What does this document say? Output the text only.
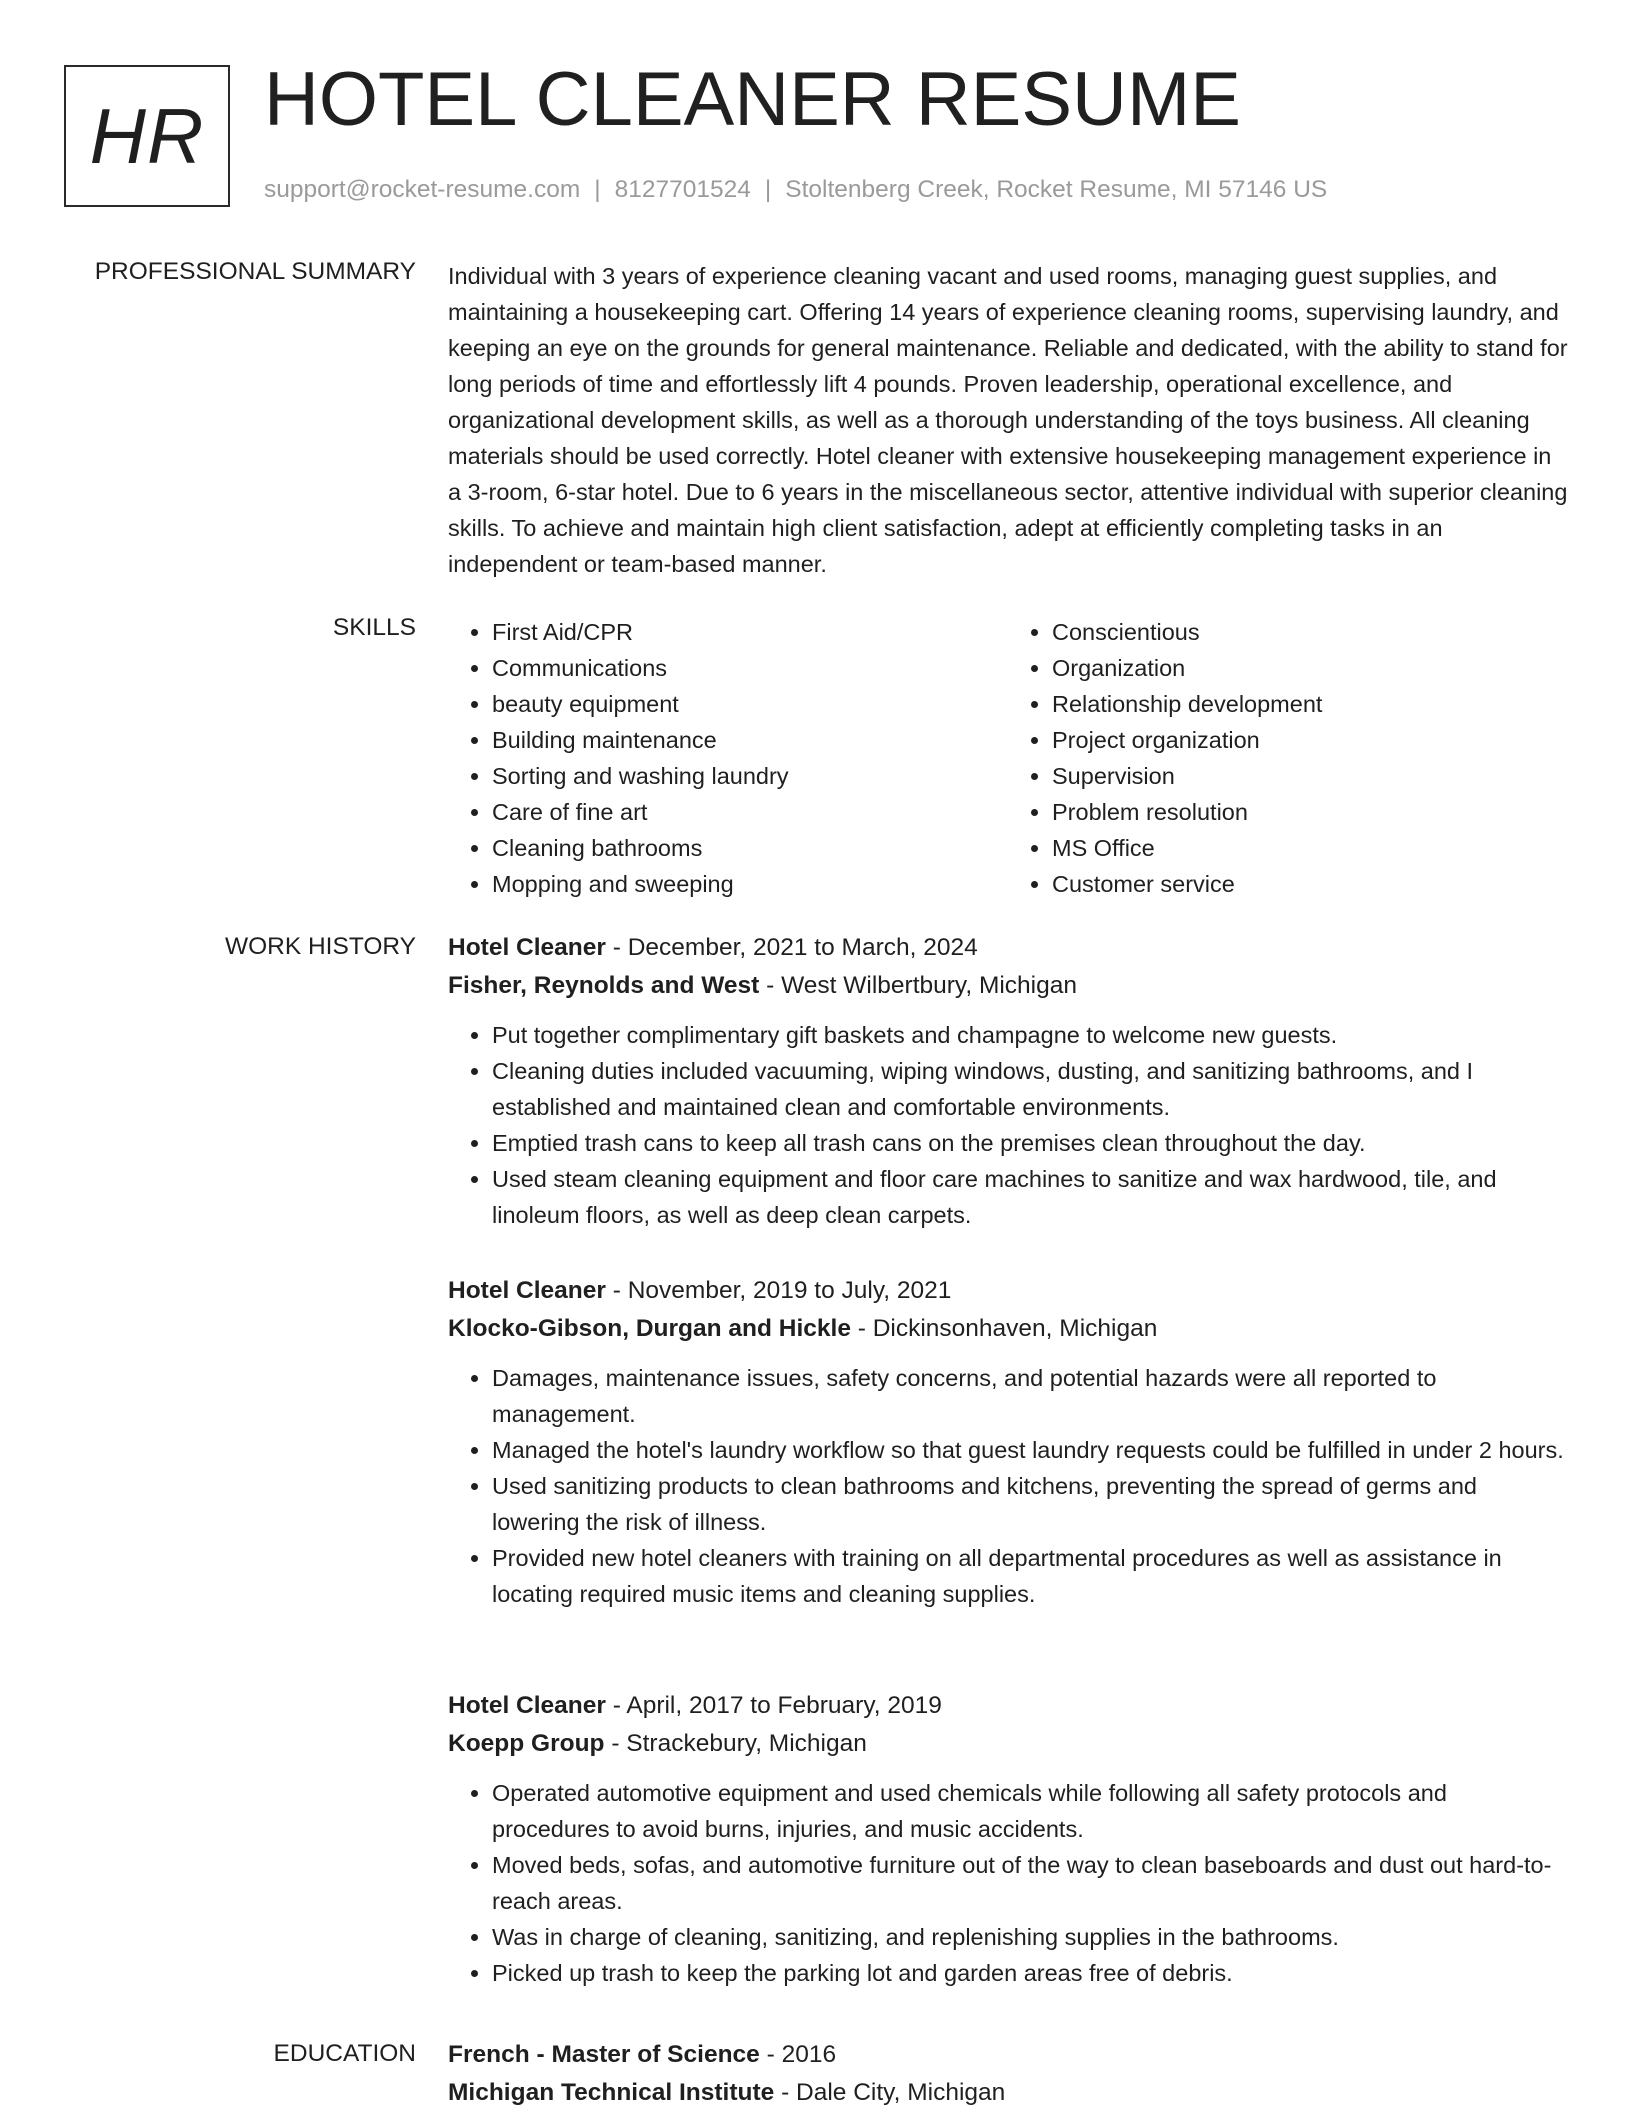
HR HOTEL CLEANER RESUME
support@rocket-resume.com | 8127701524 | Stoltenberg Creek, Rocket Resume, MI 57146 US
PROFESSIONAL SUMMARY Individual with 3 years of experience cleaning vacant and used rooms, managing guest supplies, and maintaining a housekeeping cart. Offering 14 years of experience cleaning rooms, supervising laundry, and keeping an eye on the grounds for general maintenance. Reliable and dedicated, with the ability to stand for long periods of time and effortlessly lift 4 pounds. Proven leadership, operational excellence, and organizational development skills, as well as a thorough understanding of the toys business. All cleaning materials should be used correctly. Hotel cleaner with extensive housekeeping management experience in a 3-room, 6-star hotel. Due to 6 years in the miscellaneous sector, attentive individual with superior cleaning skills. To achieve and maintain high client satisfaction, adept at efficiently completing tasks in an independent or team-based manner.

SKILLS
•	First Aid/CPR
• Communications
• beauty equipment
• Building maintenance
• Sorting and washing laundry
• Care of fine art
• Cleaning bathrooms
• Mopping and sweeping
• Conscientious
• Organization
• Relationship development
• Project organization
• Supervision
• Problem resolution
• MS Office
• Customer service
WORK HISTORY Hotel Cleaner - December, 2021 to March, 2024
Fisher, Reynolds and West - West Wilbertbury, Michigan
• Put together complimentary gift baskets and champagne to welcome new guests.
• Cleaning duties included vacuuming, wiping windows, dusting, and sanitizing bathrooms, and I established and maintained clean and comfortable environments.
• Emptied trash cans to keep all trash cans on the premises clean throughout the day.
• Used steam cleaning equipment and floor care machines to sanitize and wax hardwood, tile, and linoleum floors, as well as deep clean carpets.
Hotel Cleaner - November, 2019 to July, 2021
Klocko-Gibson, Durgan and Hickle - Dickinsonhaven, Michigan
• Damages, maintenance issues, safety concerns, and potential hazards were all reported to management.
• Managed the hotel's laundry workflow so that guest laundry requests could be fulfilled in under 2 hours.
• Used sanitizing products to clean bathrooms and kitchens, preventing the spread of germs and lowering the risk of illness.
• Provided new hotel cleaners with training on all departmental procedures as well as assistance in locating required music items and cleaning supplies.
Hotel Cleaner - April, 2017 to February, 2019
Koepp Group - Strackebury, Michigan
• Operated automotive equipment and used chemicals while following all safety protocols and procedures to avoid burns, injuries, and music accidents.
• Moved beds, sofas, and automotive furniture out of the way to clean baseboards and dust out hard-to-reach areas.
• Was in charge of cleaning, sanitizing, and replenishing supplies in the bathrooms.
• Picked up trash to keep the parking lot and garden areas free of debris.
EDUCATION French - Master of Science - 2016
Michigan Technical Institute - Dale City, Michigan
